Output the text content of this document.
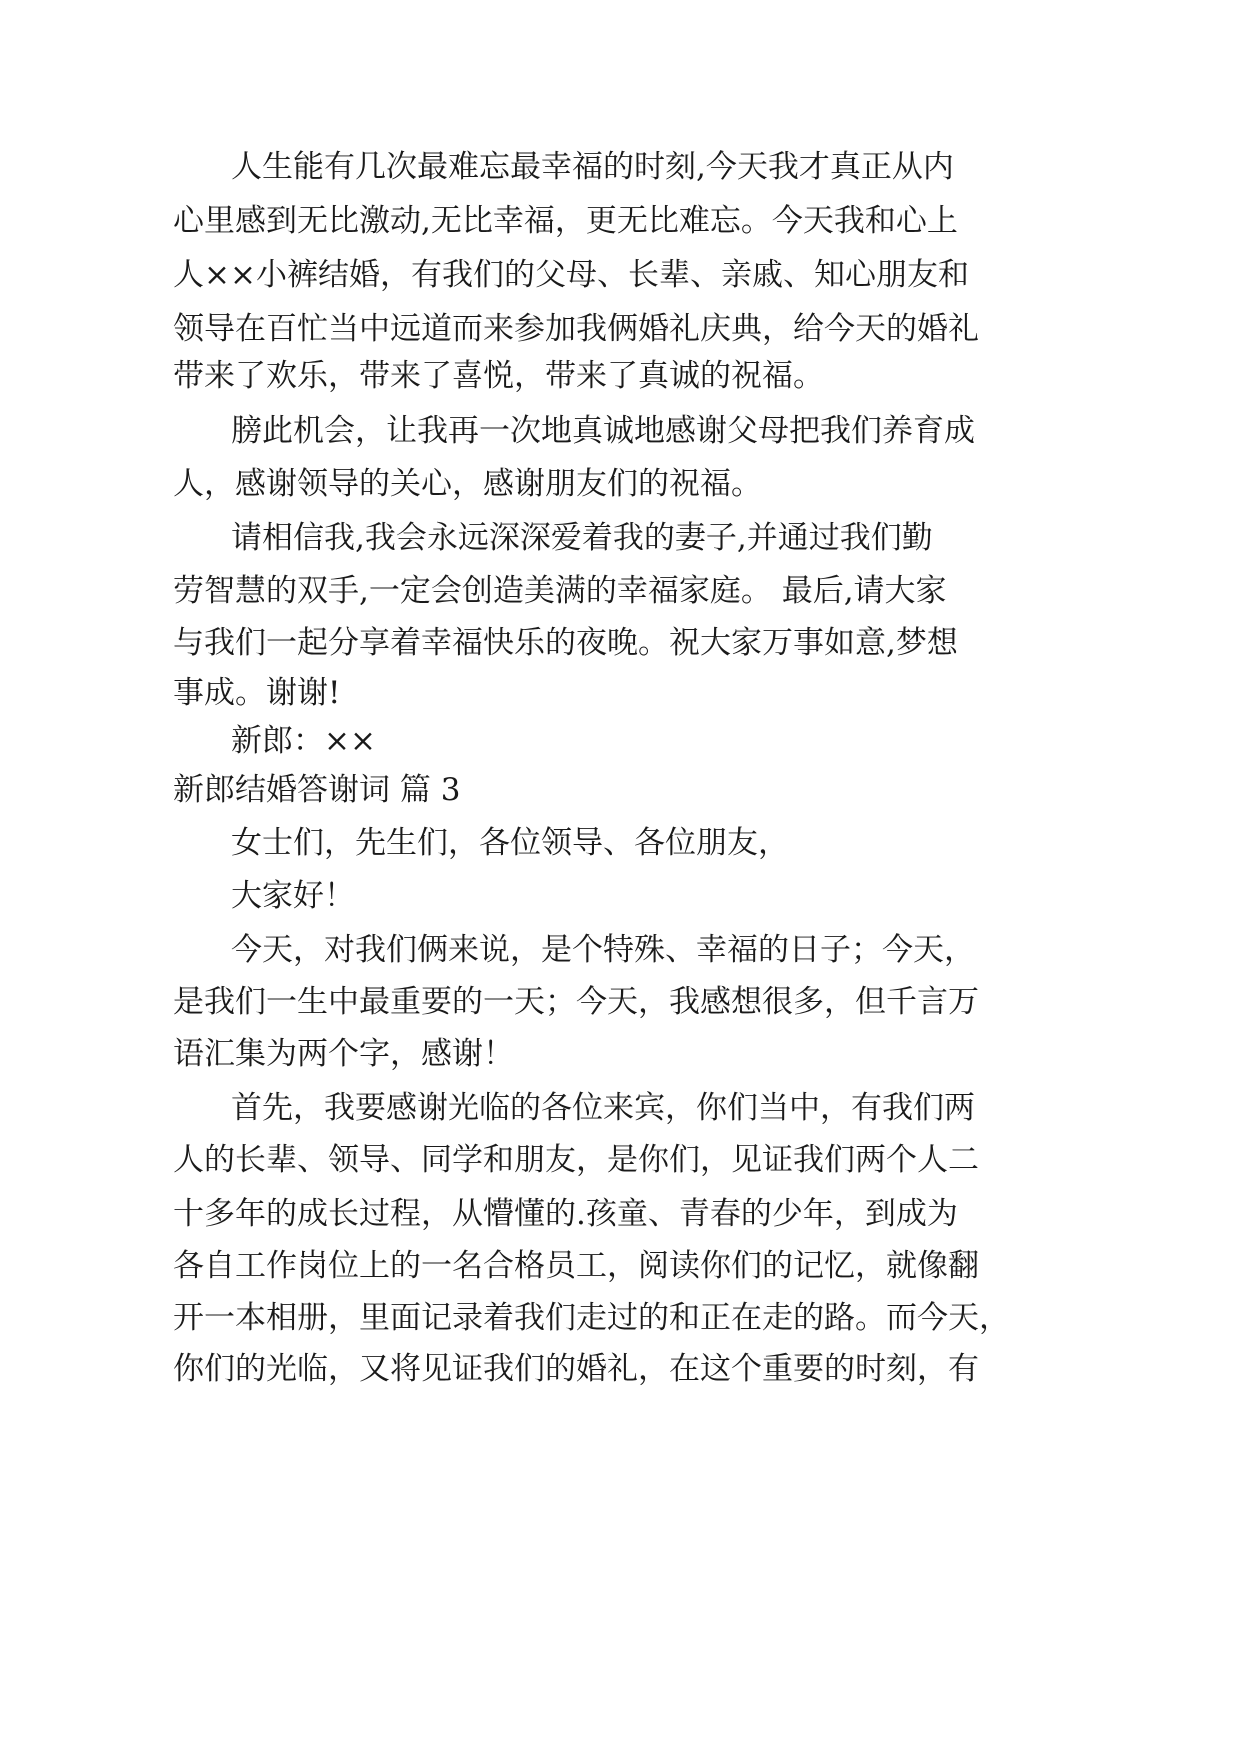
人生能有几次最难忘最幸福的时刻,今天我才真正从内

心里感到无比激动,无比幸福，更无比难忘。今天我和心上

人××小裤结婚，有我们的父母、长辈、亲戚、知心朋友和

领导在百忙当中远道而来参加我俩婚礼庆典，给今天的婚礼

带来了欢乐，带来了喜悦，带来了真诚的祝福。

膀此机会，让我再一次地真诚地感谢父母把我们养育成

人，感谢领导的关心，感谢朋友们的祝福。

请相信我,我会永远深深爱着我的妻子,并通过我们勤

劳智慧的双手,一定会创造美满的幸福家庭。 最后,请大家

与我们一起分享着幸福快乐的夜晚。祝大家万事如意,梦想

事成。谢谢!

新郎：××

新郎结婚答谢词 篇 3

女士们，先生们，各位领导、各位朋友，

大家好！

今天，对我们俩来说，是个特殊、幸福的日子；今天，

是我们一生中最重要的一天；今天，我感想很多，但千言万

语汇集为两个字，感谢！

首先，我要感谢光临的各位来宾，你们当中，有我们两

人的长辈、领导、同学和朋友，是你们，见证我们两个人二

十多年的成长过程，从懵懂的.孩童、青春的少年，到成为

各自工作岗位上的一名合格员工，阅读你们的记忆，就像翻

开一本相册，里面记录着我们走过的和正在走的路。而今天，

你们的光临，又将见证我们的婚礼，在这个重要的时刻，有
